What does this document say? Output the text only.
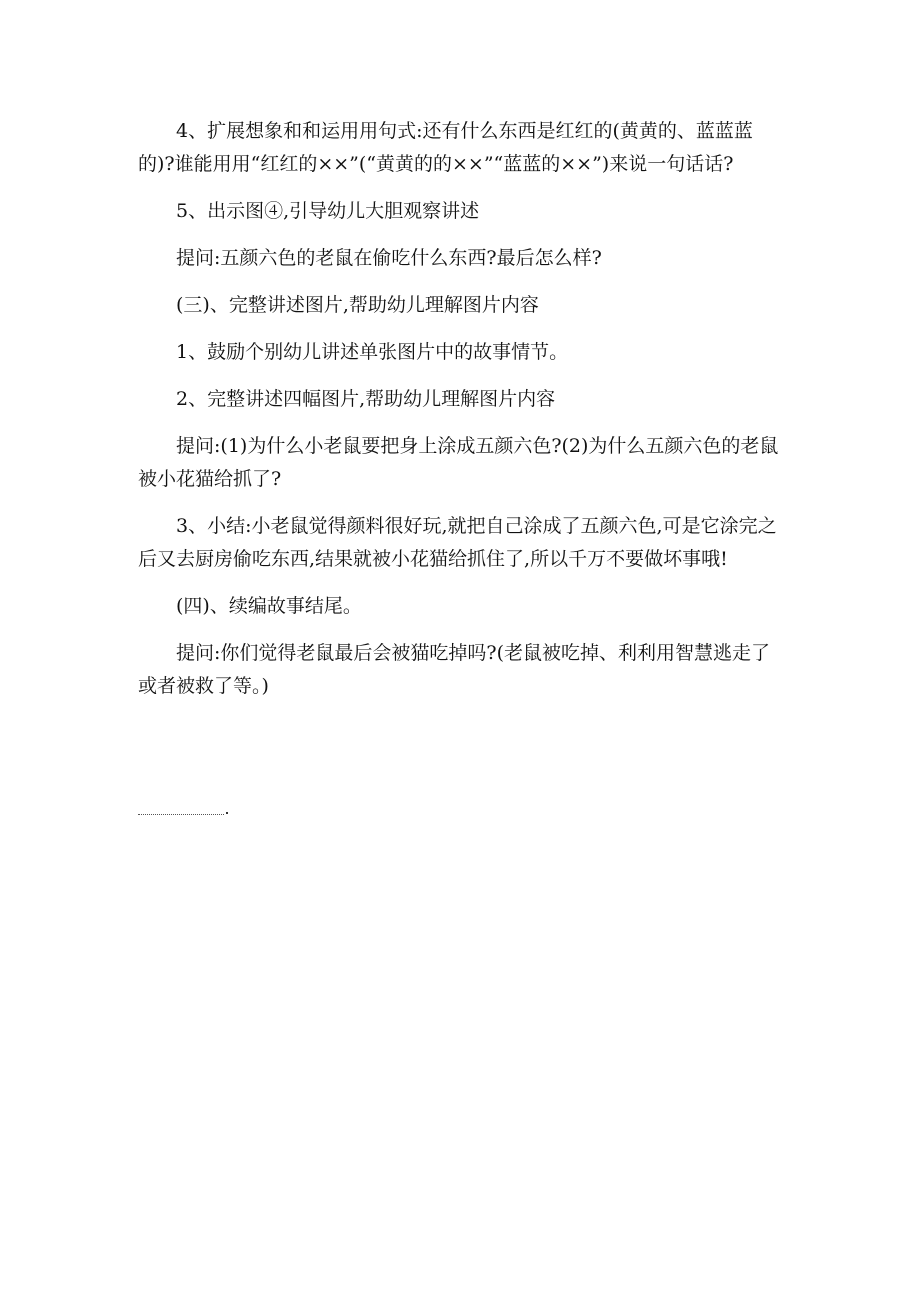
4、扩展想象和和运用用句式:还有什么东西是红红的(黄黄的、蓝蓝蓝的)?谁能用用“红红的××”(“黄黄的的××”“蓝蓝的××”)来说一句话话?

5、出示图④,引导幼儿大胆观察讲述

提问:五颜六色的老鼠在偷吃什么东西?最后怎么样?

(三)、完整讲述图片,帮助幼儿理解图片内容

1、鼓励个别幼儿讲述单张图片中的故事情节。

2、完整讲述四幅图片,帮助幼儿理解图片内容

提问:(1)为什么小老鼠要把身上涂成五颜六色?(2)为什么五颜六色的老鼠被小花猫给抓了?

3、小结:小老鼠觉得颜料很好玩,就把自己涂成了五颜六色,可是它涂完之后又去厨房偷吃东西,结果就被小花猫给抓住了,所以千万不要做坏事哦!

(四)、续编故事结尾。

提问:你们觉得老鼠最后会被猫吃掉吗?(老鼠被吃掉、利利用智慧逃走了或者被救了等。)
